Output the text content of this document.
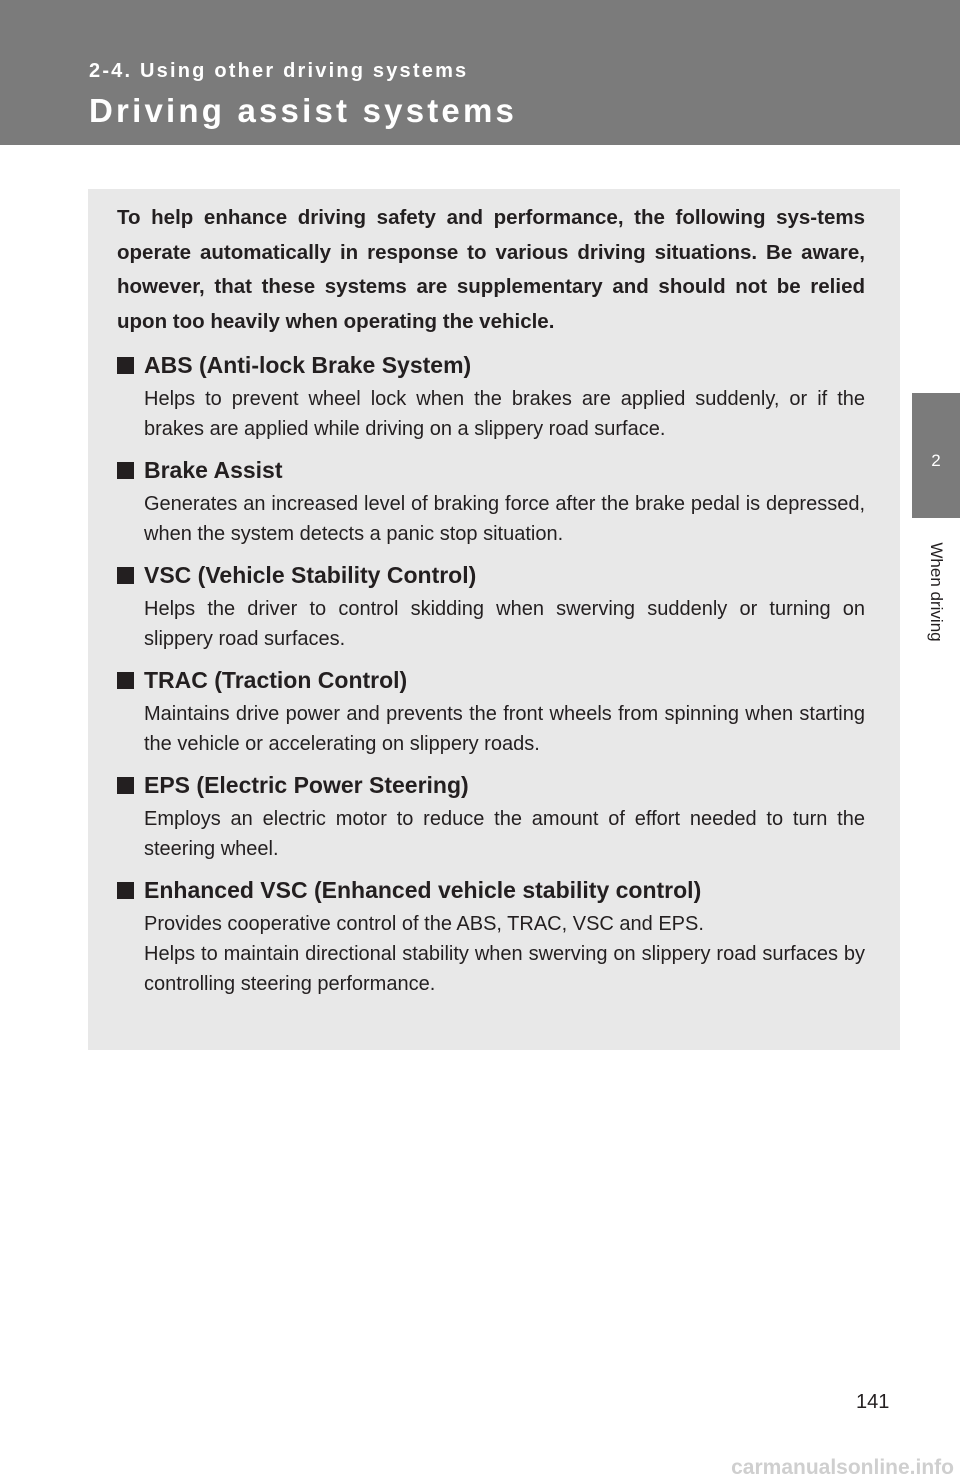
2-4. Using other driving systems
Driving assist systems
2
When driving

To help enhance driving safety and performance, the following sys-tems operate automatically in response to various driving situations. Be aware, however, that these systems are supplementary and should not be relied upon too heavily when operating the vehicle.

ABS (Anti-lock Brake System)

Helps to prevent wheel lock when the brakes are applied suddenly, or if the brakes are applied while driving on a slippery road surface.

Brake Assist

Generates an increased level of braking force after the brake pedal is depressed, when the system detects a panic stop situation.

VSC (Vehicle Stability Control)

Helps the driver to control skidding when swerving suddenly or turning on slippery road surfaces.

TRAC (Traction Control)

Maintains drive power and prevents the front wheels from spinning when starting the vehicle or accelerating on slippery roads.

EPS (Electric Power Steering)

Employs an electric motor to reduce the amount of effort needed to turn the steering wheel.

Enhanced VSC (Enhanced vehicle stability control)

Provides cooperative control of the ABS, TRAC, VSC and EPS.

Helps to maintain directional stability when swerving on slippery road surfaces by controlling steering performance.

141
carmanualsonline.info
